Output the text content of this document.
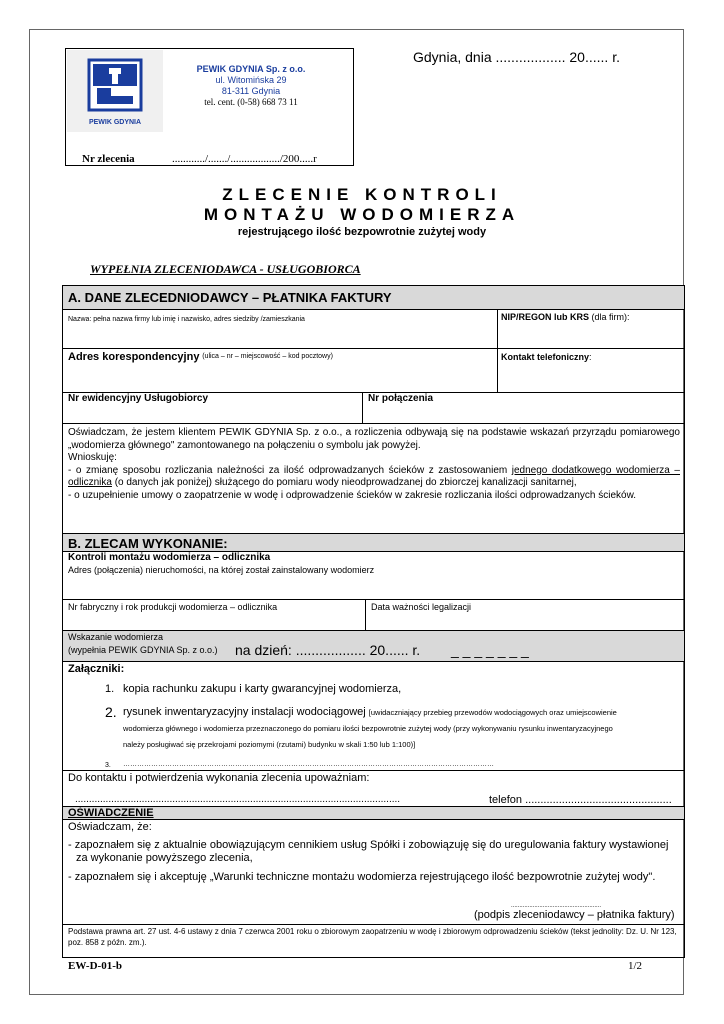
PEWIK GDYNIA
PEWIK GDYNIA Sp. z o.o.
ul. Witomińska 29
81-311 Gdynia
tel. cent. (0-58) 668 73 11
Nr zlecenia	............/......./................../200.....r
Gdynia, dnia .................. 20...... r.
ZLECENIE KONTROLI
MONTAŻU WODOMIERZA
rejestrującego ilość bezpowrotnie zużytej wody
WYPEŁNIA ZLECENIODAWCA - USŁUGOBIORCA
A. DANE ZLECEDNIODAWCY – PŁATNIKA FAKTURY
Nazwa: pełna nazwa firmy lub imię i nazwisko, adres siedziby /zamieszkania	NIP/REGON lub KRS (dla firm):
Adres korespondencyjny $^{(ulica - nr - miejscowość - kod pocztowy)}$	Kontakt telefoniczny:
Nr ewidencyjny Usługobiorcy	Nr połączenia
Oświadczam, że jestem klientem PEWIK GDYNIA Sp. z o.o., a rozliczenia odbywają się na podstawie wskazań przyrządu pomiarowego „wodomierza głównego" zamontowanego na połączeniu o symbolu jak powyżej.
Wnioskuję:
- o zmianę sposobu rozliczania należności za ilość odprowadzanych ścieków z zastosowaniem jednego dodatkowego wodomierza – odlicznika (o danych jak poniżej) służącego do pomiaru wody nieodprowadzanej do zbiorczej kanalizacji sanitarnej,
- o uzupełnienie umowy o zaopatrzenie w wodę i odprowadzenie ścieków w zakresie rozliczania ilości odprowadzanych ścieków.
B. ZLECAM WYKONANIE:
Kontroli montażu wodomierza – odlicznika
Adres (połączenia) nieruchomości, na której został zainstalowany wodomierz
Nr fabryczny i rok produkcji wodomierza – odlicznika	Data ważności legalizacji
Wskazanie wodomierza
(wypełnia PEWIK GDYNIA Sp. z o.o.) na dzień: .................. 20...... r. _ _ _ _ _ _ _
Załączniki:
1. kopia rachunku zakupu i karty gwarancyjnej wodomierza,
2. rysunek inwentaryzacyjny instalacji wodociągowej [uwidaczniający przebieg przewodów wodociągowych oraz umiejscowienie
wodomierza głównego i wodomierza przeznaczonego do pomiaru ilości bezpowrotnie zużytej wody (przy wykonywaniu rysunku inwentaryzacyjnego
należy posługiwać się przekrojami poziomymi (rzutami) budynku w skali 1:50 lub 1:100)]
3. ……………………………………………………………………………………………………………………………………………
Do kontaktu i potwierdzenia wykonania zlecenia upoważniam:
.....................................................................................................................	telefon ................................................
OŚWIADCZENIE
Oświadczam, że:
- zapoznałem się z aktualnie obowiązującym cennikiem usług Spółki i zobowiązuję się do uregulowania faktury wystawionej
za wykonanie powyższego zlecenia,
- zapoznałem się i akceptuję „Warunki techniczne montażu wodomierza rejestrującego ilość bezpowrotnie zużytej wody".
......................................................
(podpis zleceniodawcy – płatnika faktury)
Podstawa prawna art. 27 ust. 4-6 ustawy z dnia 7 czerwca 2001 roku o zbiorowym zaopatrzeniu w wodę i zbiorowym odprowadzeniu ścieków (tekst jednolity: Dz. U. Nr 123, poz. 858 z późn. zm.).
EW-D-01-b	1/2
